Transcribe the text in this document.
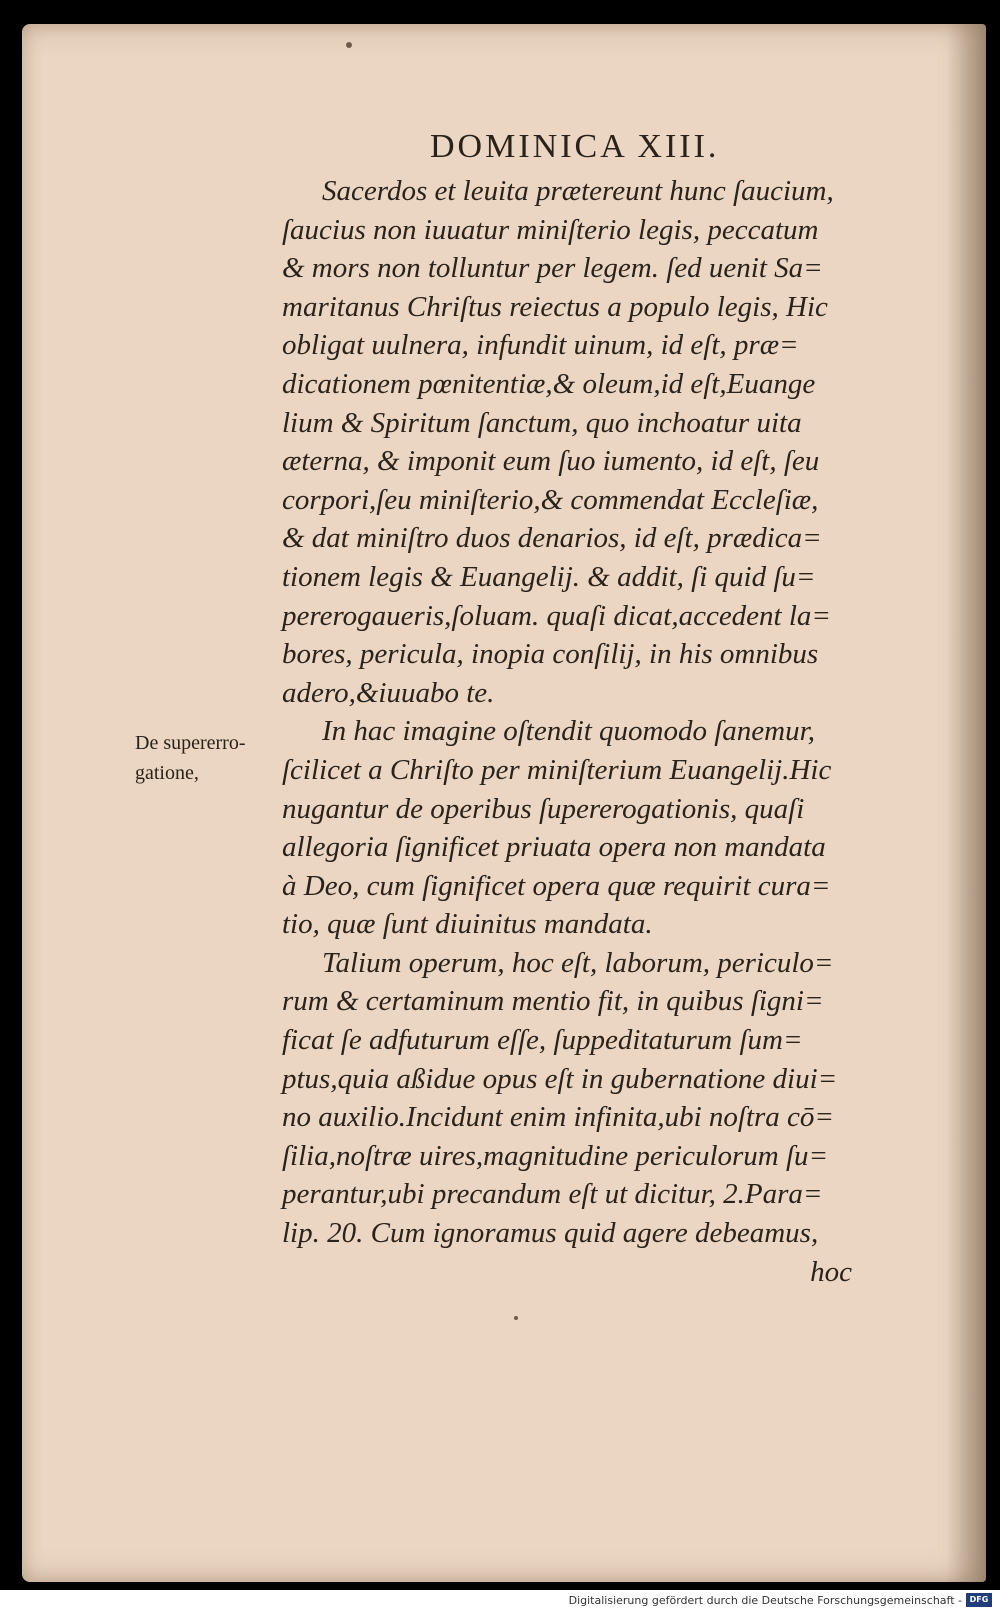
DOMINICA XIII.
De supererro-
gatione,
Sacerdos et leuita prætereunt hunc ſaucium,
ſaucius non iuuatur miniſterio legis, peccatum
& mors non tolluntur per legem. ſed uenit Sa=
maritanus Chriſtus reiectus a populo legis, Hic
obligat uulnera, infundit uinum, id eſt, præ=
dicationem pœnitentiæ,& oleum,id eſt,Euange
lium & Spiritum ſanctum, quo inchoatur uita
æterna, & imponit eum ſuo iumento, id eſt, ſeu
corpori,ſeu miniſterio,& commendat Eccleſiæ,
& dat miniſtro duos denarios, id eſt, prædica=
tionem legis & Euangelij. & addit, ſi quid ſu=
pererogaueris,ſoluam. quaſi dicat,accedent la=
bores, pericula, inopia conſilij, in his omnibus
adero,&iuuabo te.
In hac imagine oſtendit quomodo ſanemur,
ſcilicet a Chriſto per miniſterium Euangelij.Hic
nugantur de operibus ſupererogationis, quaſi
allegoria ſignificet priuata opera non mandata
à Deo, cum ſignificet opera quæ requirit cura=
tio, quæ ſunt diuinitus mandata.
Talium operum, hoc eſt, laborum, periculo=
rum & certaminum mentio fit, in quibus ſigni=
ficat ſe adfuturum eſſe, ſuppeditaturum ſum=
ptus,quia aßidue opus eſt in gubernatione diui=
no auxilio.Incidunt enim infinita,ubi noſtra cō=
ſilia,noſtræ uires,magnitudine periculorum ſu=
perantur,ubi precandum eſt ut dicitur, 2.Para=
lip. 20. Cum ignoramus quid agere debeamus,
hoc
Digitalisierung gefördert durch die Deutsche Forschungsgemeinschaft - DFG
